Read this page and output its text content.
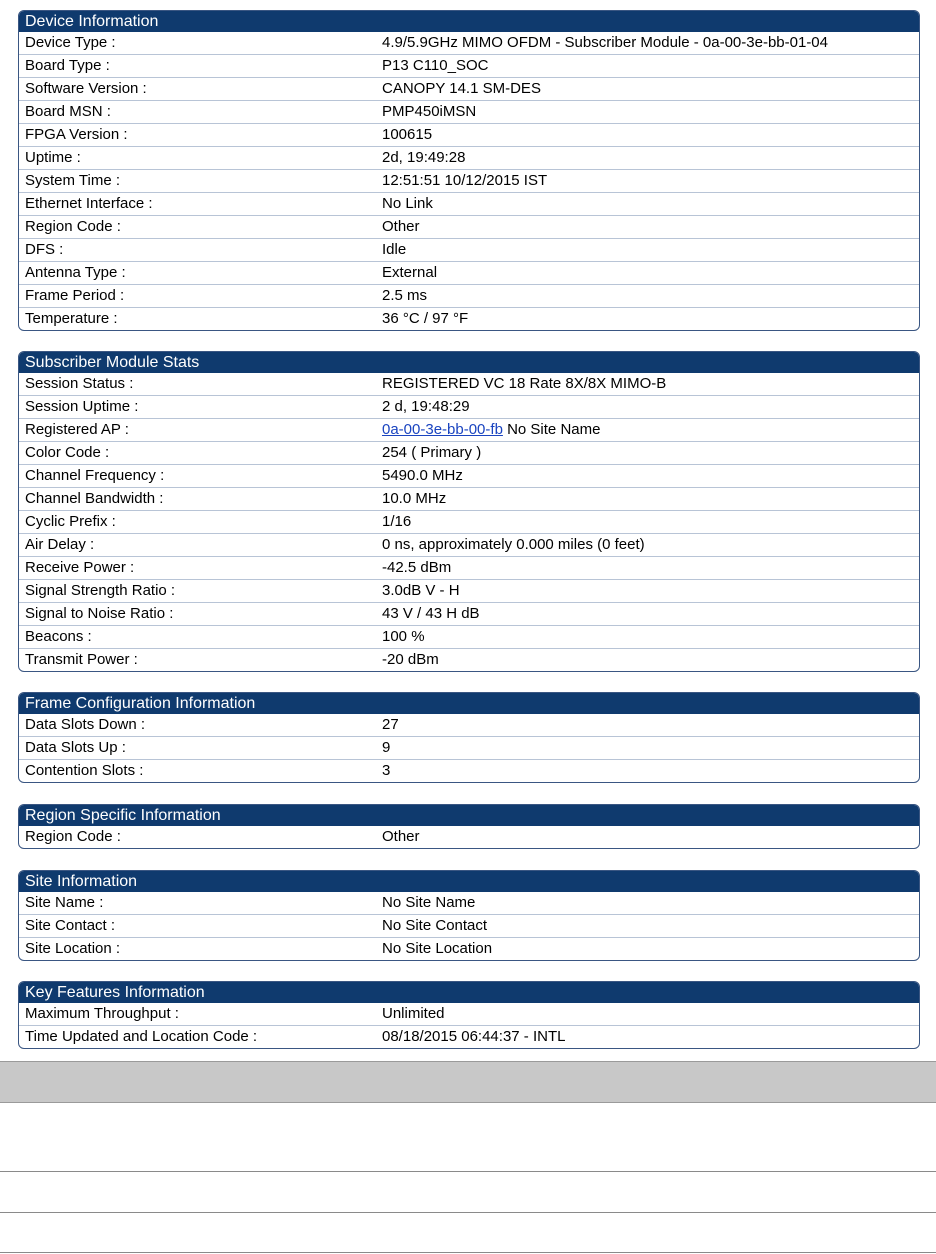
Device Information
Device Type :	4.9/5.9GHz MIMO OFDM - Subscriber Module - 0a-00-3e-bb-01-04
Board Type :	P13 C110_SOC
Software Version :	CANOPY 14.1 SM-DES
Board MSN :	PMP450iMSN
FPGA Version :	100615
Uptime :	2d, 19:49:28
System Time :	12:51:51 10/12/2015 IST
Ethernet Interface :	No Link
Region Code :	Other
DFS :	Idle
Antenna Type :	External
Frame Period :	2.5 ms
Temperature :	36 °C / 97 °F
Subscriber Module Stats
Session Status :	REGISTERED VC 18 Rate 8X/8X MIMO-B
Session Uptime :	2 d, 19:48:29
Registered AP :	0a-00-3e-bb-00-fb No Site Name
Color Code :	254 ( Primary )
Channel Frequency :	5490.0 MHz
Channel Bandwidth :	10.0 MHz
Cyclic Prefix :	1/16
Air Delay :	0 ns, approximately 0.000 miles (0 feet)
Receive Power :	-42.5 dBm
Signal Strength Ratio :	3.0dB V - H
Signal to Noise Ratio :	43 V / 43 H dB
Beacons :	100 %
Transmit Power :	-20 dBm
Frame Configuration Information
Data Slots Down :	27
Data Slots Up :	9
Contention Slots :	3
Region Specific Information
Region Code :	Other
Site Information
Site Name :	No Site Name
Site Contact :	No Site Contact
Site Location :	No Site Location
Key Features Information
Maximum Throughput :	Unlimited
Time Updated and Location Code :	08/18/2015 06:44:37 - INTL
